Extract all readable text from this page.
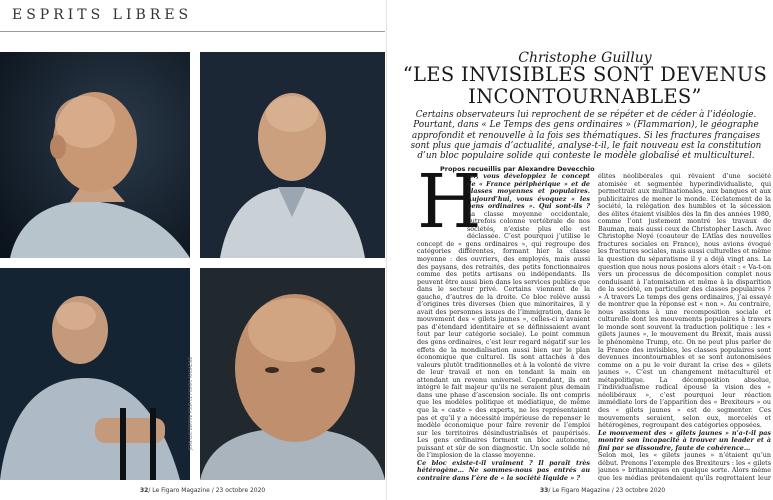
ESPRITS LIBRES
JEAN-LUC BERTINI POUR LE FIGARO MAGAZINE
32/ Le Figaro Magazine / 23 octobre 2020
Christophe Guilluy
“LES INVISIBLES SONT DEVENUS
INCONTOURNABLES”
Certains observateurs lui reprochent de se répéter et de céder à l’idéologie. Pourtant, dans « Le Temps des gens ordinaires » (Flammarion), le géographe approfondit et renouvelle à la fois ses thématiques. Si les fractures françaises sont plus que jamais d’actualité, analyse-t-il, le fait nouveau est la constitution d’un bloc populaire solide qui conteste le modèle globalisé et multiculturel.
Propos recueillis par Alexandre Devecchio
H
ier, vous développiez le concept de « France périphérique » et de classes moyennes et populaires. Aujourd’hui, vous évoquez « les gens ordinaires ». Qui sont-ils ? La classe moyenne occidentale, autrefois colonne vertébrale de nos sociétés, n’existe plus elle est déclassée. C’est pourquoi j’utilise le concept de « gens ordinaires », qui regroupe des catégories différentes, formant hier la classe moyenne : des ouvriers, des employés, mais aussi des paysans, des retraités, des petits fonctionnaires comme des petits artisans ou indépendants. Ils peuvent être aussi bien dans les services publics que dans le secteur privé. Certains viennent de la gauche, d’autres de la droite. Ce bloc relève aussi d’origines très diverses (bien que minoritaires, il y avait des personnes issues de l’immigration, dans le mouvement des « gilets jaunes », celles-ci n’avaient pas d’étendard identitaire et se définissaient avant tout par leur catégorie sociale). Le point commun des gens ordinaires, c’est leur regard négatif sur les effets de la mondialisation aussi bien sur le plan économique que culturel. Ils sont attachés à des valeurs plutôt traditionnelles et à la volonté de vivre de leur travail et non en tendant la main en attendant un revenu universel. Cependant, ils ont intégré le fait majeur qu’ils ne seraient plus demain dans une phase d’ascension sociale. Ils ont compris que les modèles politique et médiatique, de même que la « caste » des experts, ne les représentaient pas et qu’il y a nécessité impérieuse de repenser le modèle économique pour faire revenir de l’emploi sur les territoires désindustrialisés et paupérisés. Les gens ordinaires forment un bloc autonome, puissant et sûr de son diagnostic. Un socle solide né de l’implosion de la classe moyenne.
Ce bloc existe-t-il vraiment ? Il paraît très hétérogène… Ne sommes-nous pas entrés au contraire dans l’ère de « la société liquide » ?

élites néolibérales qui rêvaient d’une société atomisée et segmentée hyperindividualiste, qui permettrait aux multinationales, aux banques et aux publicitaires de mener le monde. L’éclatement de la société, la relégation des humbles et la sécession des élites étaient visibles dès la fin des années 1980, comme l’ont justement montré les travaux de Bauman, mais aussi ceux de Christopher Lasch. Avec Christophe Noyé (coauteur de L’Atlas des nouvelles fractures sociales en France), nous avions évoqué les fractures sociales, mais aussi culturelles et même la question du séparatisme il y a déjà vingt ans. La question que nous nous posions alors était : « Va-t-on vers un processus de décomposition complet nous conduisant à l’atomisation et même à la disparition de la société, en particulier des classes populaires ? » À travers Le temps des gens ordinaires, j’ai essayé de montrer que la réponse est « non ». Au contraire, nous assistons à une recomposition sociale et culturelle dont les mouvements populaires à travers le monde sont souvent la traduction politique : les « gilets jaunes », le mouvement du Brexit, mais aussi le phénomène Trump, etc. On ne peut plus parler de la France des invisibles, les classes populaires sont devenues incontournables et se sont autonomisées comme on a pu le voir durant la crise des « gilets jaunes ». C’est un changement métaculturel et métapolitique. La décomposition absolue, l’individualisme radical épousé la vision des « néolibéraux », c’est pourquoi leur réaction immédiate lors de l’apparition des « Brexiteurs » ou des « gilets jaunes » est de segmenter. Ces mouvements seraient, selon eux, morcelés et hétérogènes, regroupant des catégories opposées.
Le mouvement des « gilets jaunes » n’a-t-il pas montré son incapacité à trouver un leader et à fini par se dissoudre, faute de cohérence…
Selon moi, les « gilets jaunes » n’étaient qu’un début. Prenons l’exemple des Brexiteurs : les « gilets jaunes » britanniques en quelque sorte. Alors même que les médias prétendaient qu’ils regrettaient leur
33/ Le Figaro Magazine / 23 octobre 2020
